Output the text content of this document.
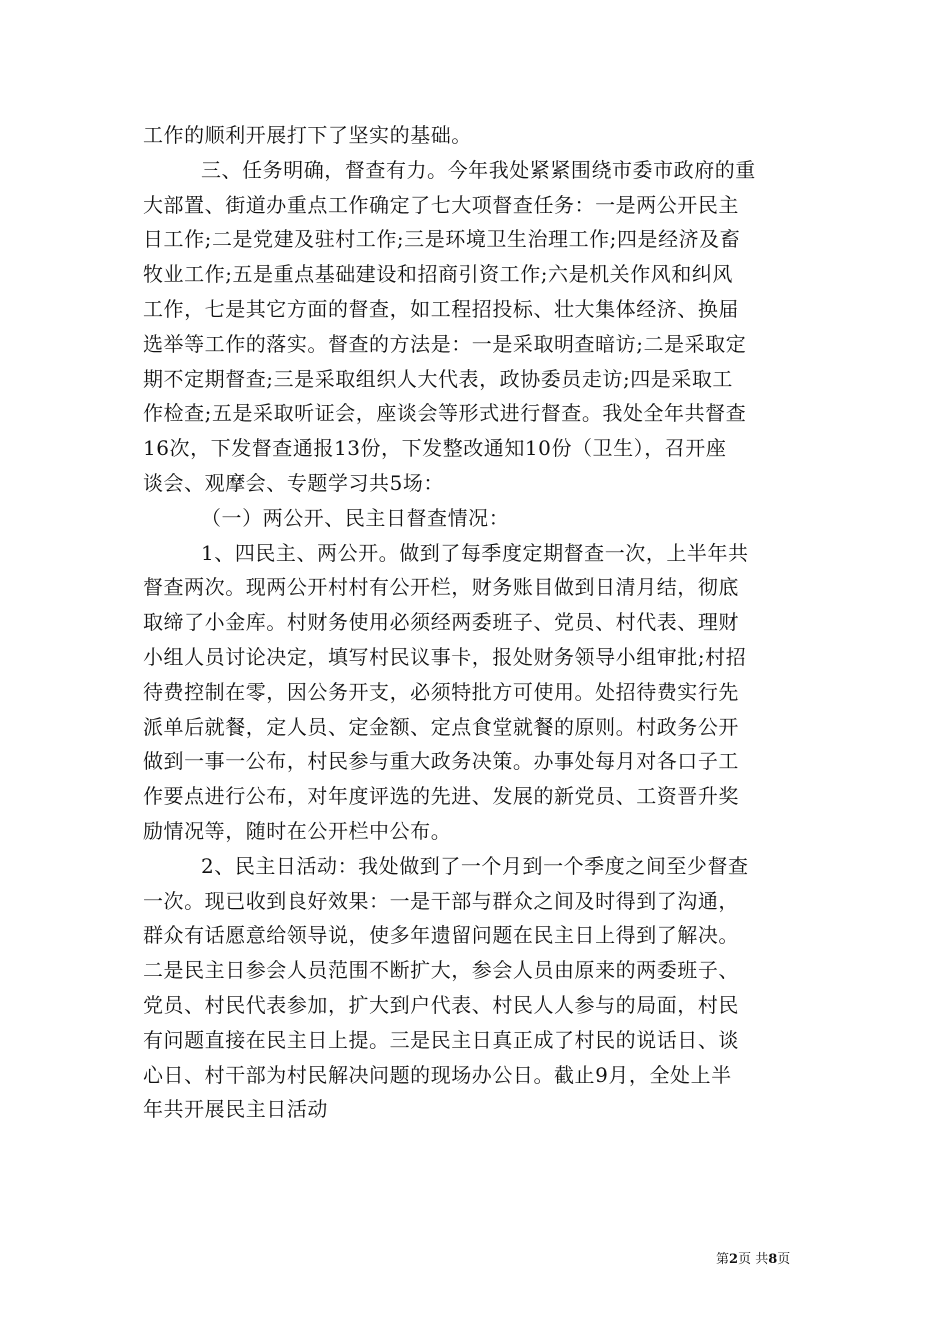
工作的顺利开展打下了坚实的基础。
三、任务明确，督查有力。今年我处紧紧围绕市委市政府的重
大部置、街道办重点工作确定了七大项督查任务：一是两公开民主
日工作;二是党建及驻村工作;三是环境卫生治理工作;四是经济及畜
牧业工作;五是重点基础建设和招商引资工作;六是机关作风和纠风
工作，七是其它方面的督查，如工程招投标、壮大集体经济、换届
选举等工作的落实。督查的方法是：一是采取明查暗访;二是采取定
期不定期督查;三是采取组织人大代表，政协委员走访;四是采取工
作检查;五是采取听证会，座谈会等形式进行督查。我处全年共督查
16次，下发督查通报13份，下发整改通知10份（卫生），召开座
谈会、观摩会、专题学习共5场：
（一）两公开、民主日督查情况：
1、四民主、两公开。做到了每季度定期督查一次，上半年共
督查两次。现两公开村村有公开栏，财务账目做到日清月结，彻底
取缔了小金库。村财务使用必须经两委班子、党员、村代表、理财
小组人员讨论决定，填写村民议事卡，报处财务领导小组审批;村招
待费控制在零，因公务开支，必须特批方可使用。处招待费实行先
派单后就餐，定人员、定金额、定点食堂就餐的原则。村政务公开
做到一事一公布，村民参与重大政务决策。办事处每月对各口子工
作要点进行公布，对年度评选的先进、发展的新党员、工资晋升奖
励情况等，随时在公开栏中公布。
2、民主日活动：我处做到了一个月到一个季度之间至少督查
一次。现已收到良好效果：一是干部与群众之间及时得到了沟通，
群众有话愿意给领导说，使多年遗留问题在民主日上得到了解决。
二是民主日参会人员范围不断扩大，参会人员由原来的两委班子、
党员、村民代表参加，扩大到户代表、村民人人参与的局面，村民
有问题直接在民主日上提。三是民主日真正成了村民的说话日、谈
心日、村干部为村民解决问题的现场办公日。截止9月，全处上半
年共开展民主日活动
第2页 共8页
